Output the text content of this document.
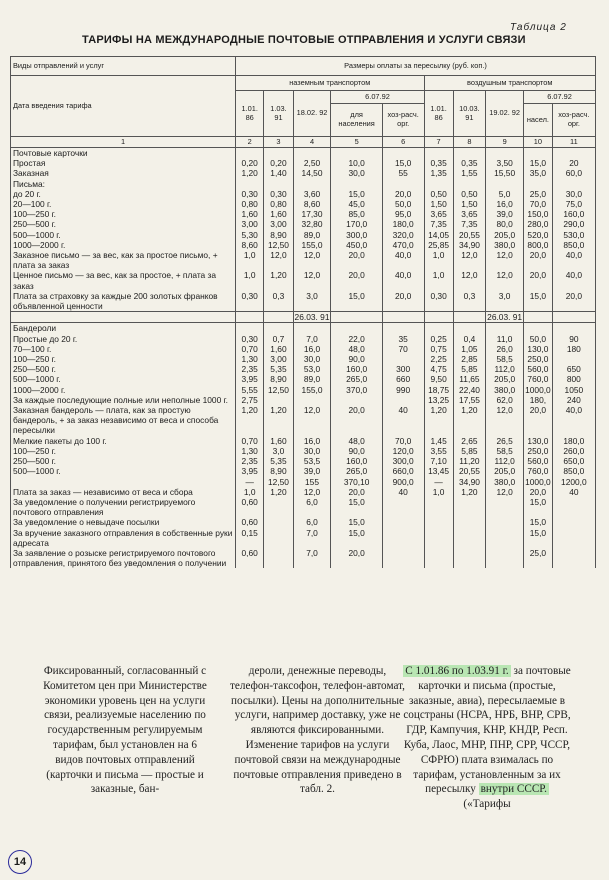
Таблица 2
ТАРИФЫ НА МЕЖДУНАРОДНЫЕ ПОЧТОВЫЕ ОТПРАВЛЕНИЯ И УСЛУГИ СВЯЗИ
Виды отправлений и услуг	Размеры оплаты за пересылку (руб. коп.)									
Дата введения тарифа	наземным транспортом					воздушным транспортом				
	1.01. 86	1.03. 91	18.02. 92	6.07.92		1.01. 86	10.03. 91	19.02. 92	6.07.92	
				для населения	хоз-расч. орг.				насел.	хоз-расч. орг.
1	2	3	4	5	6	7	8	9	10	11
Почтовые карточки										
Простая	0,20	0,20	2,50	10,0	15,0	0,35	0,35	3,50	15,0	20
Заказная	1,20	1,40	14,50	30,0	55	1,35	1,55	15,50	35,0	60,0
Письма:										
до 20 г.	0,30	0,30	3,60	15,0	20,0	0,50	0,50	5,0	25,0	30,0
20—100 г.	0,80	0,80	8,60	45,0	50,0	1,50	1,50	16,0	70,0	75,0
100—250 г.	1,60	1,60	17,30	85,0	95,0	3,65	3,65	39,0	150,0	160,0
250—500 г.	3,00	3,00	32,80	170,0	180,0	7,35	7,35	80,0	280,0	290,0
500—1000 г.	5,30	8,90	89,0	300,0	320,0	14,05	20,55	205,0	520,0	530,0
1000—2000 г.	8,60	12,50	155,0	450,0	470,0	25,85	34,90	380,0	800,0	850,0
Заказное письмо — за вес, как за простое письмо, + плата за заказ	1,0	12,0	12,0	20,0	40,0	1,0	12,0	12,0	20,0	40,0
Ценное письмо — за вес, как за простое, + плата за заказ	1,0	1,20	12,0	20,0	40,0	1,0	12,0	12,0	20,0	40,0
Плата за страховку за каждые 200 золотых франков объявленной ценности	0,30	0,3	3,0	15,0	20,0	0,30	0,3	3,0	15,0	20,0
			26.03. 91					26.03. 91		
Бандероли										
Простые до 20 г.	0,30	0,7	7,0	22,0	35	0,25	0,4	11,0	50,0	90
70—100 г.	0,70	1,60	16,0	48,0	70	0,75	1,05	26,0	130,0	180
100—250 г.	1,30	3,00	30,0	90,0		2,25	2,85	58,5	250,0	
250—500 г.	2,35	5,35	53,0	160,0	300	4,75	5,85	112,0	560,0	650
500—1000 г.	3,95	8,90	89,0	265,0	660	9,50	11,65	205,0	760,0	800
1000—2000 г.	5,55	12,50	155,0	370,0	990	18,75	22,40	380,0	1000,0	1050
За каждые последующие полные или неполные 1000 г.	2,75					13,25	17,55	62,0	180,	240
Заказная бандероль — плата, как за простую бандероль, + за заказ независимо от веса и способа пересылки	1,20	1,20	12,0	20,0	40	1,20	1,20	12,0	20,0	40,0
Мелкие пакеты до 100 г.	0,70	1,60	16,0	48,0	70,0	1,45	2,65	26,5	130,0	180,0
100—250 г.	1,30	3,0	30,0	90,0	120,0	3,55	5,85	58,5	250,0	260,0
250—500 г.	2,35	5,35	53,5	160,0	300,0	7,10	11,20	112,0	560,0	650,0
500—1000 г.	3,95	8,90	39,0	265,0	660,0	13,45	20,55	205,0	760,0	850,0
	—	12,50	155	370,10	900,0	—	34,90	380,0	1000,0	1200,0
Плата за заказ — независимо от веса и сбора	1,0	1,20	12,0	20,0	40	1,0	1,20	12,0	20,0	40
За уведомление о получении регистрируемого почтового отправления	0,60		6,0	15,0					15,0	
За уведомление о невыдаче посылки	0,60		6,0	15,0					15,0	
За вручение заказного отправления в собственные руки адресата	0,15		7,0	15,0					15,0	
За заявление о розыске регистрируемого почтового отправления, принятого без уведомления о получении	0,60		7,0	20,0					25,0	
Фиксированный, согласованный с Комитетом цен при Министерстве экономики уровень цен на услуги связи, реализуемые населению по государственным регулируемым тарифам, был установлен на 6 видов почтовых отправлений (карточки и письма — простые и заказные, бан-
дероли, денежные переводы, телефон-таксофон, телефон-автомат, посылки). Цены на дополнительные услуги, например доставку, уже не являются фиксированными. Изменение тарифов на услуги почтовой связи на международные почтовые отправления приведено в табл. 2.
С 1.01.86 по 1.03.91 г. за почтовые карточки и письма (простые, заказные, авиа), пересылаемые в соцстраны (НСРА, НРБ, ВНР, СРВ, ГДР, Кампучия, КНР, КНДР, Респ. Куба, Лаос, МНР, ПНР, СРР, ЧССР, СФРЮ) плата взималась по тарифам, установленным за их пересылку внутри СССР. («Тарифы
14
